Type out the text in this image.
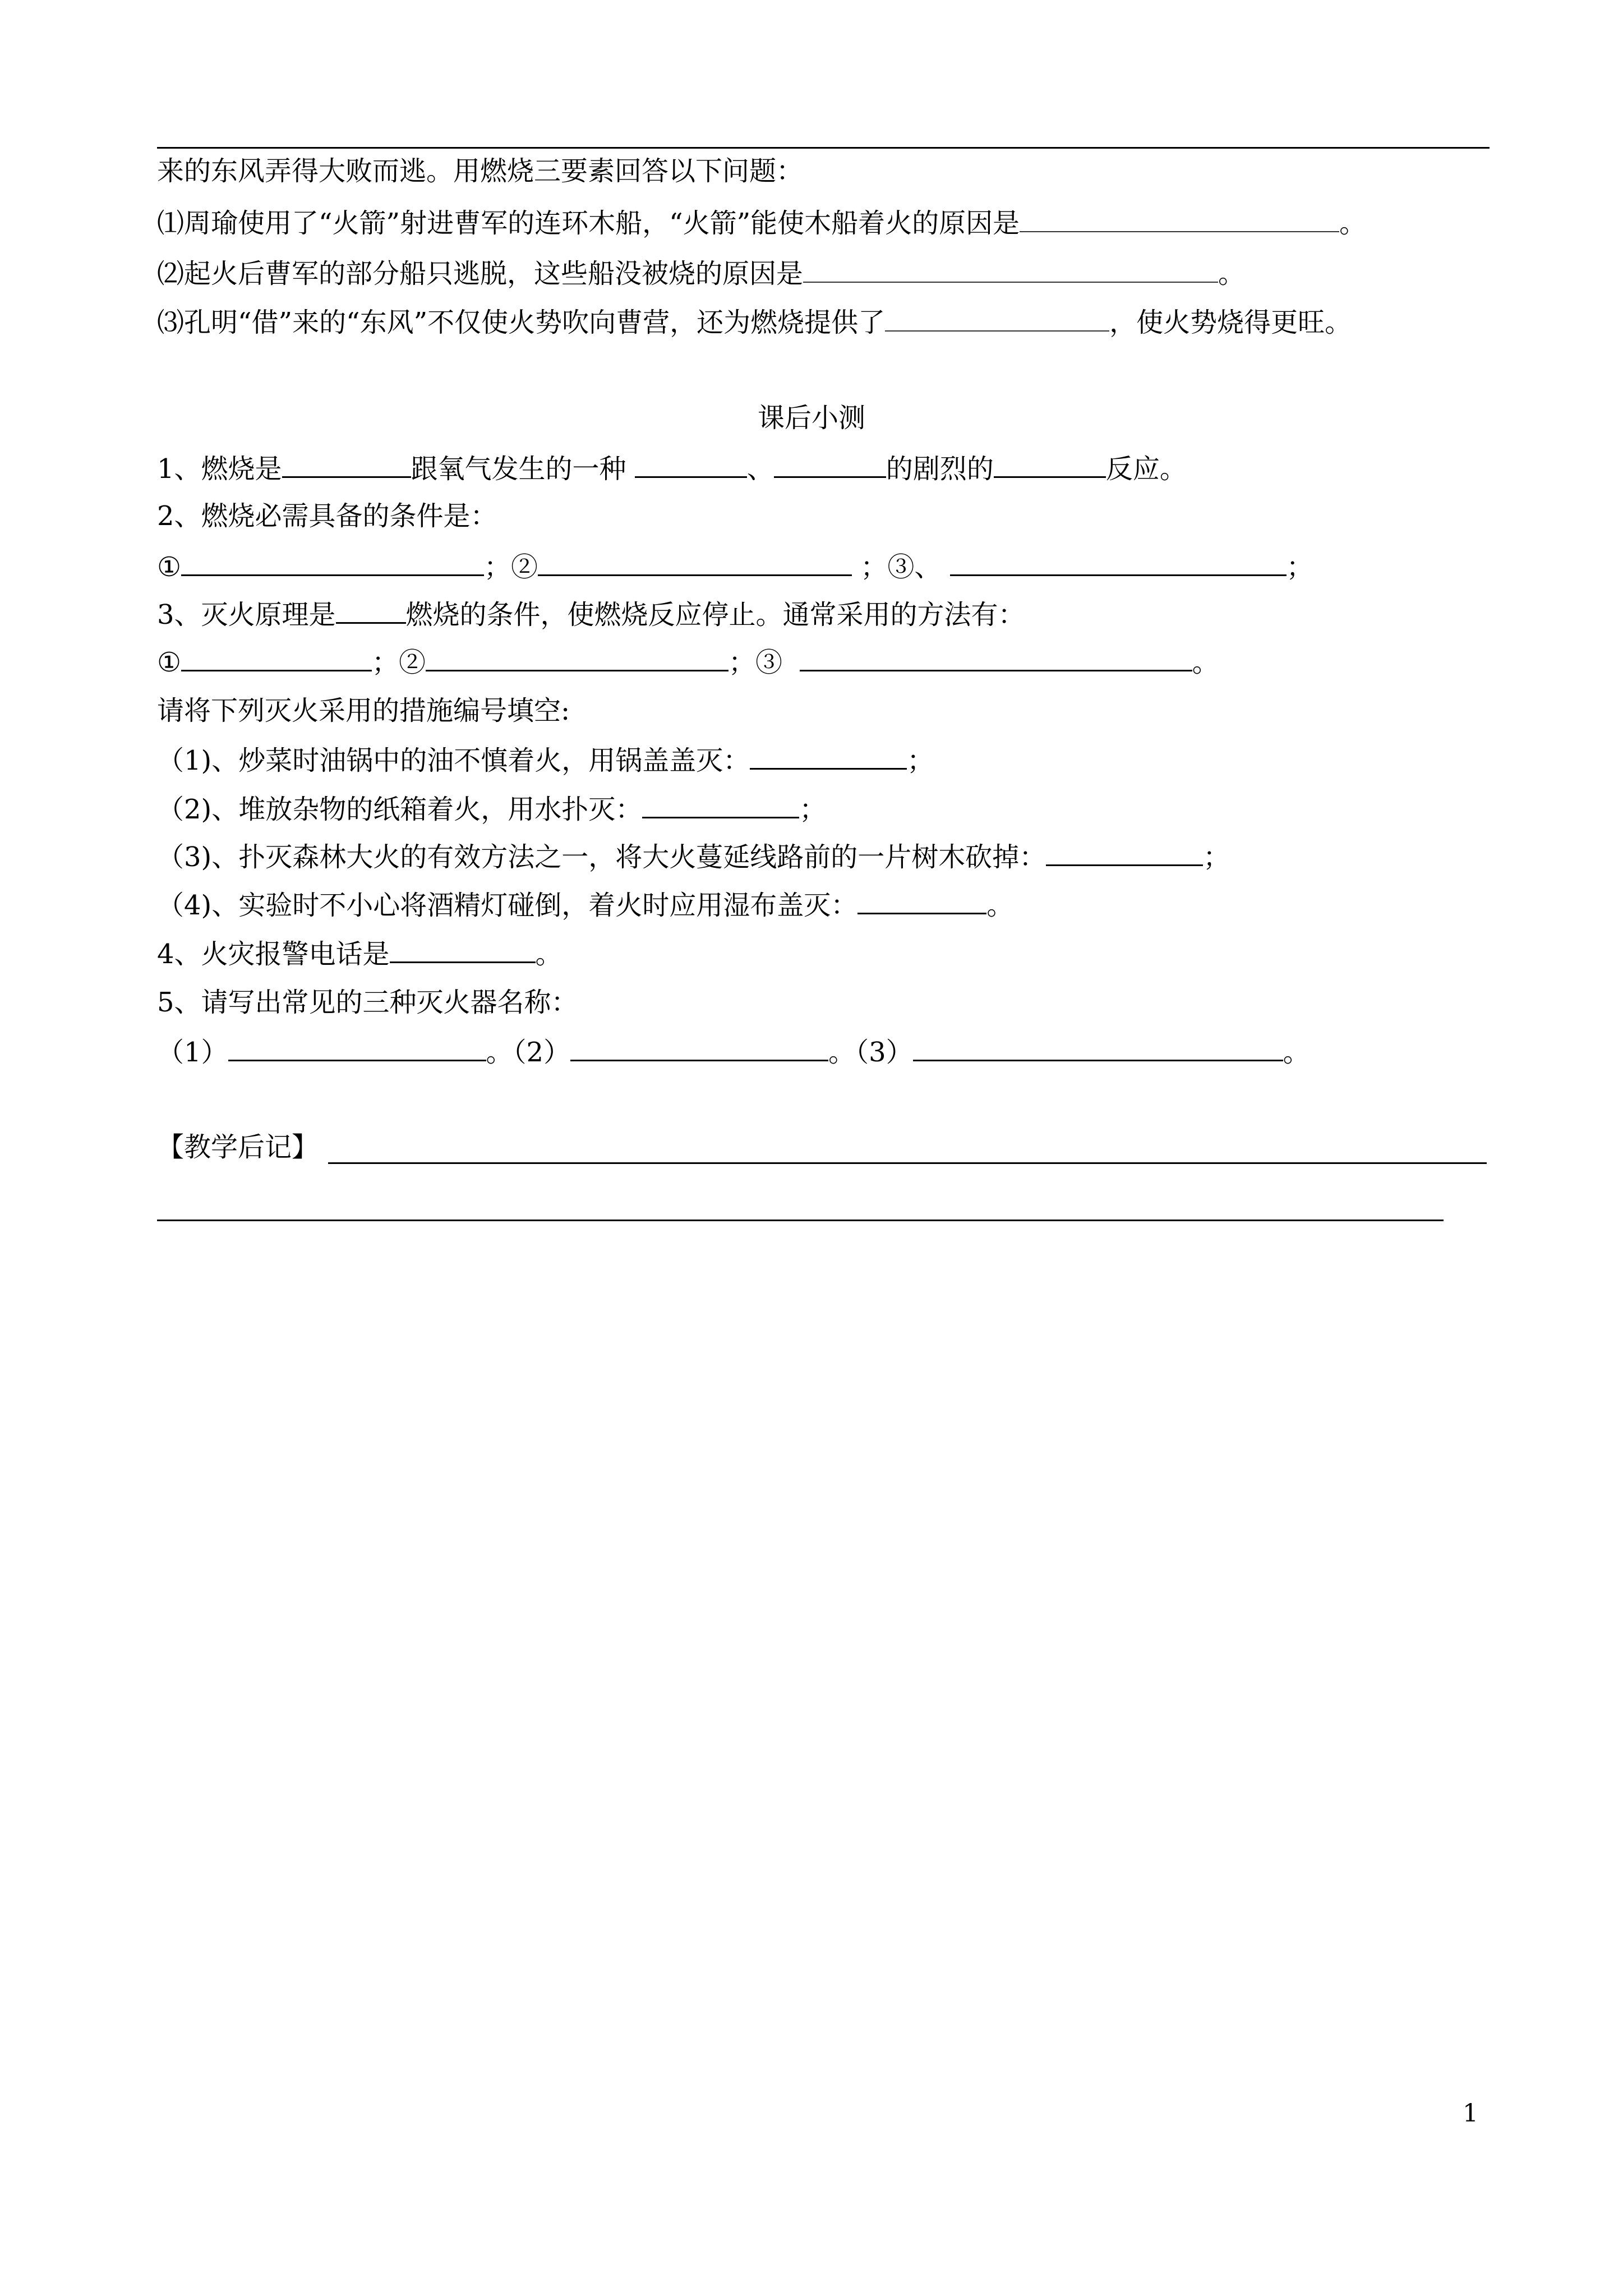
来的东风弄得大败而逃。用燃烧三要素回答以下问题：
⑴周瑜使用了“火箭”射进曹军的连环木船，“火箭”能使木船着火的原因是	。
⑵起火后曹军的部分船只逃脱，这些船没被烧的原因是	。
⑶孔明“借”来的“东风”不仅使火势吹向曹营，还为燃烧提供了	，使火势烧得更旺。
课后小测
1、燃烧是	跟氧气发生的一种	、	的剧烈的	反应。
2、燃烧必需具备的条件是：
①	；②	；③、	；
3、灭火原理是	燃烧的条件，使燃烧反应停止。通常采用的方法有：
①	；②	；③	。
请将下列灭火采用的措施编号填空:
（1)、炒菜时油锅中的油不慎着火，用锅盖盖灭：	；
（2)、堆放杂物的纸箱着火，用水扑灭：	；
（3)、扑灭森林大火的有效方法之一，将大火蔓延线路前的一片树木砍掉：	；
（4)、实验时不小心将酒精灯碰倒，着火时应用湿布盖灭：	。
4、火灾报警电话是	。
5、请写出常见的三种灭火器名称：
（1）	。（2）	。（3）	。
【教学后记】
1
